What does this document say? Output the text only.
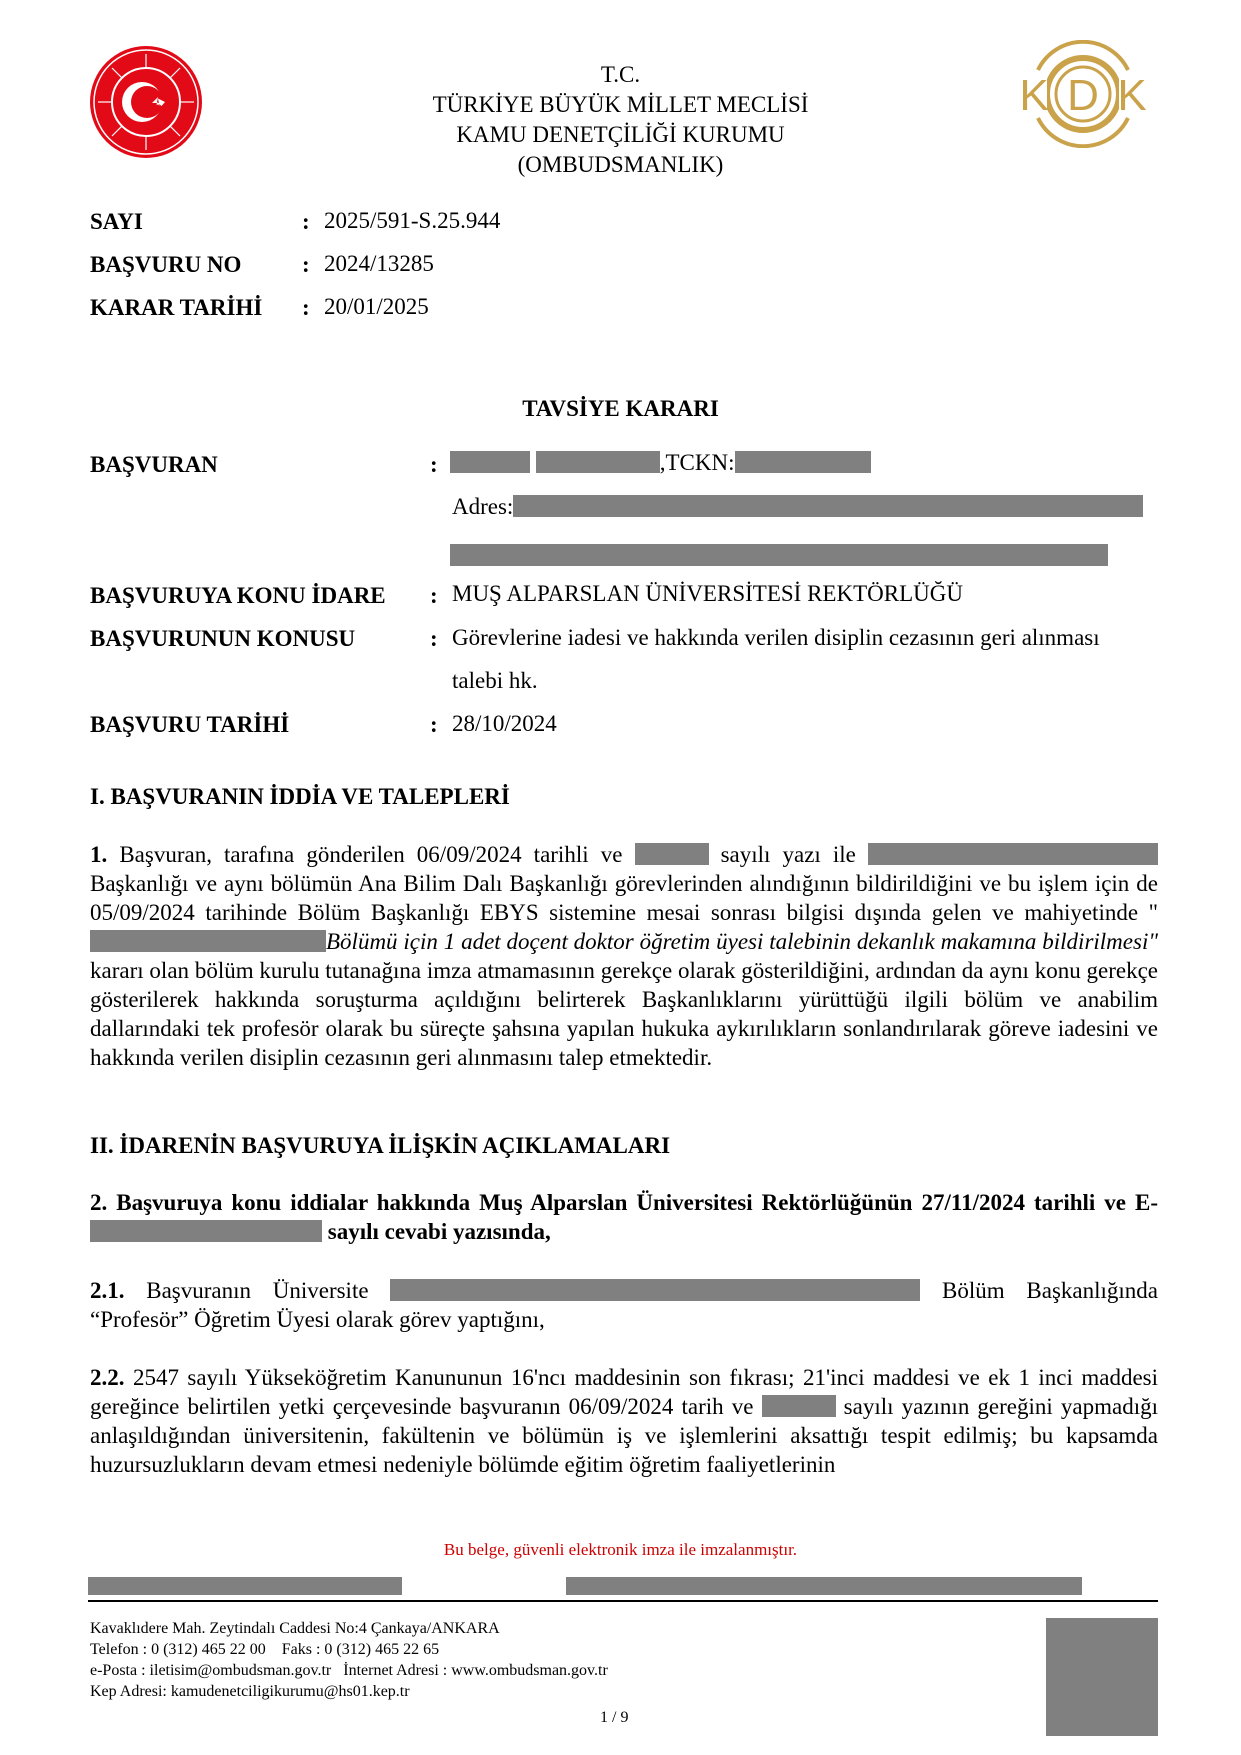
K D K
T.C.
TÜRKİYE BÜYÜK MİLLET MECLİSİ
KAMU DENETÇİLİĞİ KURUMU
(OMBUDSMANLIK)
SAYI	: 2025/591-S.25.944
BAŞVURU NO	: 2024/13285
KARAR TARİHİ : 20/01/2025
TAVSİYE KARARI
BAŞVURAN	:	,TCKN:
Adres:
BAŞVURUYA KONU İDARE : MUŞ ALPARSLAN ÜNİVERSİTESİ REKTÖRLÜĞÜ
BAŞVURUNUN KONUSU	: Görevlerine iadesi ve hakkında verilen disiplin cezasının geri alınması
talebi hk.
BAŞVURU TARİHİ	: 28/10/2024
I. BAŞVURANIN İDDİA VE TALEPLERİ
1. Başvuran, tarafına gönderilen 06/09/2024 tarihli ve	sayılı yazı ile  Başkanlığı ve aynı bölümün Ana Bilim Dalı Başkanlığı görevlerinden alındığının bildirildiğini ve bu işlem için de 05/09/2024 tarihinde Bölüm Başkanlığı EBYS sistemine mesai sonrası bilgisi dışında gelen ve mahiyetinde "Bölümü için 1 adet doçent doktor öğretim üyesi talebinin dekanlık makamına bildirilmesi" kararı olan bölüm kurulu tutanağına imza atmamasının gerekçe olarak gösterildiğini, ardından da aynı konu gerekçe gösterilerek hakkında soruşturma açıldığını belirterek Başkanlıklarını yürüttüğü ilgili bölüm ve anabilim dallarındaki tek profesör olarak bu süreçte şahsına yapılan hukuka aykırılıkların sonlandırılarak göreve iadesini ve hakkında verilen disiplin cezasının geri alınmasını talep etmektedir.
II. İDARENİN BAŞVURUYA İLİŞKİN AÇIKLAMALARI
2. Başvuruya konu iddialar hakkında Muş Alparslan Üniversitesi Rektörlüğünün 27/11/2024 tarihli ve E- sayılı cevabi yazısında,
2.1. Başvuranın Üniversite	Bölüm Başkanlığında “Profesör” Öğretim Üyesi olarak görev yaptığını,
2.2. 2547 sayılı Yükseköğretim Kanununun 16'ncı maddesinin son fıkrası; 21'inci maddesi ve ek 1 inci maddesi gereğince belirtilen yetki çerçevesinde başvuranın 06/09/2024 tarih ve	sayılı yazının gereğini yapmadığı anlaşıldığından üniversitenin, fakültenin ve bölümün iş ve işlemlerini aksattığı tespit edilmiş; bu kapsamda huzursuzlukların devam etmesi nedeniyle bölümde eğitim öğretim faaliyetlerinin
Bu belge, güvenli elektronik imza ile imzalanmıştır.
Kavaklıdere Mah. Zeytindalı Caddesi No:4 Çankaya/ANKARA
Telefon : 0 (312) 465 22 00    Faks : 0 (312) 465 22 65
e-Posta : iletisim@ombudsman.gov.tr   İnternet Adresi : www.ombudsman.gov.tr
Kep Adresi: kamudenetciligikurumu@hs01.kep.tr
1 / 9
